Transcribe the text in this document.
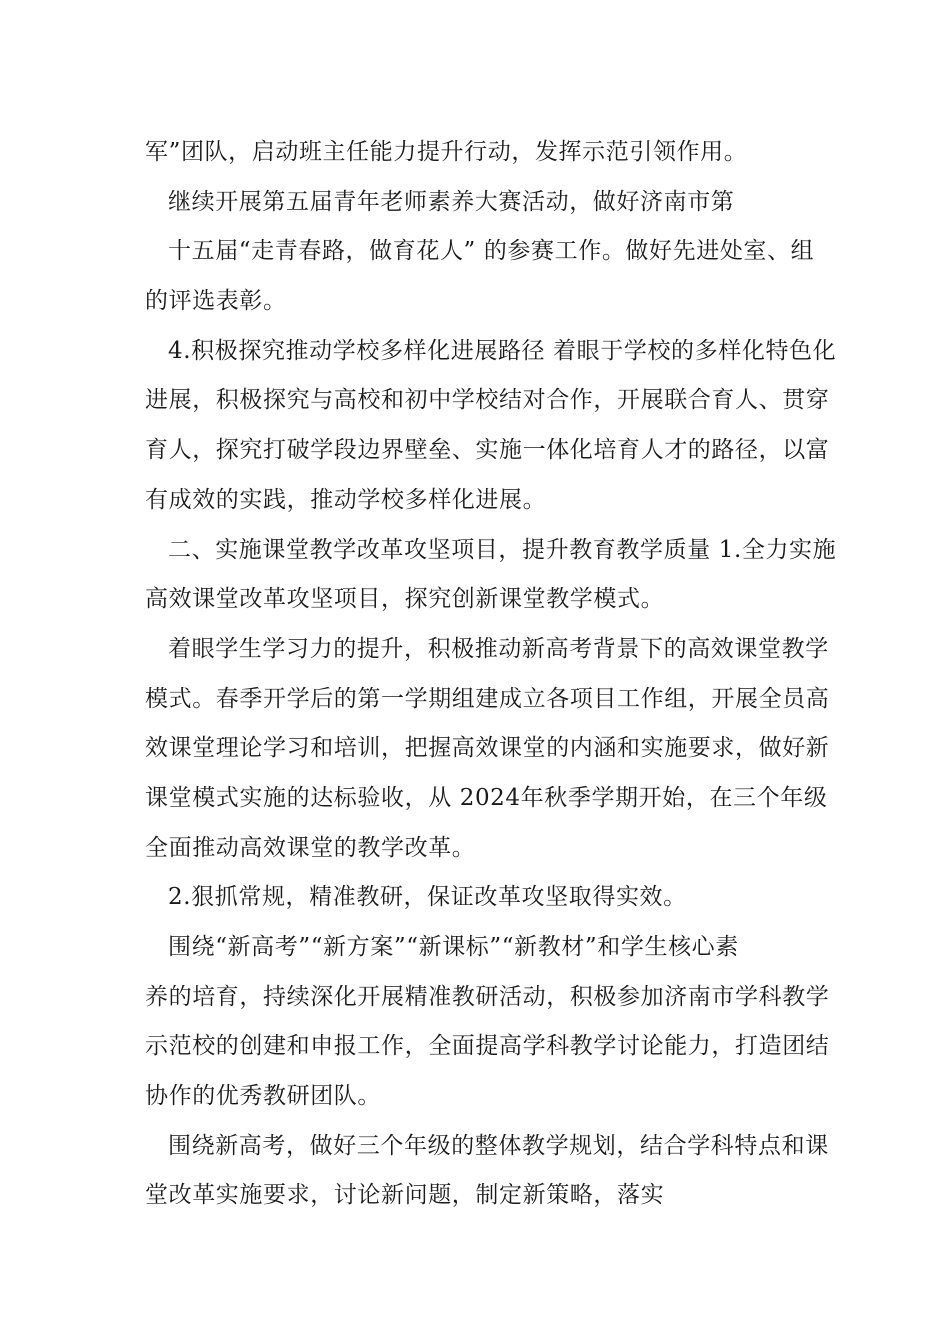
军”团队，启动班主任能力提升行动，发挥示范引领作用。
继续开展第五届青年老师素养大赛活动，做好济南市第
十五届“走青春路，做育花人” 的参赛工作。做好先进处室、组
的评选表彰。
4.积极探究推动学校多样化进展路径 着眼于学校的多样化特色化
进展，积极探究与高校和初中学校结对合作，开展联合育人、贯穿
育人，探究打破学段边界壁垒、实施一体化培育人才的路径，以富
有成效的实践，推动学校多样化进展。
二、实施课堂教学改革攻坚项目，提升教育教学质量 1.全力实施
高效课堂改革攻坚项目，探究创新课堂教学模式。
着眼学生学习力的提升，积极推动新高考背景下的高效课堂教学
模式。春季开学后的第一学期组建成立各项目工作组，开展全员高
效课堂理论学习和培训，把握高效课堂的内涵和实施要求，做好新
课堂模式实施的达标验收，从 2024年秋季学期开始，在三个年级
全面推动高效课堂的教学改革。
2.狠抓常规，精准教研，保证改革攻坚取得实效。
围绕“新高考”“新方案”“新课标”“新教材”和学生核心素
养的培育，持续深化开展精准教研活动，积极参加济南市学科教学
示范校的创建和申报工作，全面提高学科教学讨论能力，打造团结
协作的优秀教研团队。
围绕新高考，做好三个年级的整体教学规划，结合学科特点和课
堂改革实施要求，讨论新问题，制定新策略，落实
